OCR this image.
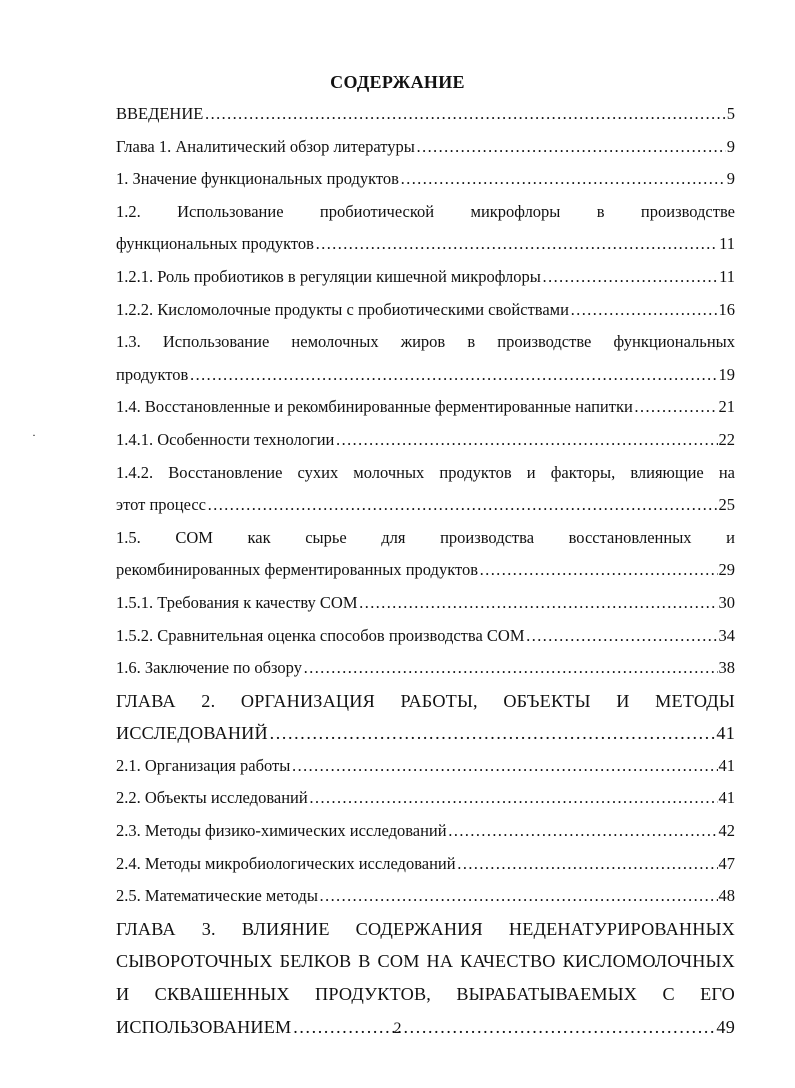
СОДЕРЖАНИЕ
·
ВВЕДЕНИЕ ……………………………………………………………………………………………………………………………………………………………………………………	5
Глава 1. Аналитический обзор литературы ……………………………………………………………………………………………………………………………………………………………………………………	9
1. Значение функциональных продуктов ……………………………………………………………………………………………………………………………………………………………………………………	9
1.2. Использование пробиотической микрофлоры в производстве
функциональных продуктов ……………………………………………………………………………………………………………………………………………………………………………………	11
1.2.1. Роль пробиотиков в регуляции кишечной микрофлоры ……………………………………………………………………………………………………………………………………………………………………………………	11
1.2.2. Кисломолочные продукты с пробиотическими свойствами ……………………………………………………………………………………………………………………………………………………………………………………	16
1.3. Использование немолочных жиров в производстве функциональных
продуктов ……………………………………………………………………………………………………………………………………………………………………………………	19
1.4. Восстановленные и рекомбинированные ферментированные напитки ……………………………………………………………………………………………………………………………………………………………………………………	21
1.4.1. Особенности технологии ……………………………………………………………………………………………………………………………………………………………………………………	22
1.4.2. Восстановление сухих молочных продуктов и факторы, влияющие на
этот процесс ……………………………………………………………………………………………………………………………………………………………………………………	25
1.5. СОМ как сырье для производства восстановленных и
рекомбинированных ферментированных продуктов ……………………………………………………………………………………………………………………………………………………………………………………	29
1.5.1. Требования к качеству СОМ ……………………………………………………………………………………………………………………………………………………………………………………	30
1.5.2. Сравнительная оценка способов производства СОМ ……………………………………………………………………………………………………………………………………………………………………………………	34
1.6. Заключение по обзору ……………………………………………………………………………………………………………………………………………………………………………………	38
ГЛАВА 2. ОРГАНИЗАЦИЯ РАБОТЫ, ОБЪЕКТЫ И МЕТОДЫ
ИССЛЕДОВАНИЙ ……………………………………………………………………………………………………………………………………………………………………………………	41
2.1. Организация работы ……………………………………………………………………………………………………………………………………………………………………………………	41
2.2. Объекты исследований ……………………………………………………………………………………………………………………………………………………………………………………	41
2.3. Методы физико-химических исследований ……………………………………………………………………………………………………………………………………………………………………………………	42
2.4. Методы микробиологических исследований ……………………………………………………………………………………………………………………………………………………………………………………	47
2.5. Математические методы ……………………………………………………………………………………………………………………………………………………………………………………	48
ГЛАВА 3. ВЛИЯНИЕ СОДЕРЖАНИЯ НЕДЕНАТУРИРОВАННЫХ
СЫВОРОТОЧНЫХ БЕЛКОВ В СОМ НА КАЧЕСТВО КИСЛОМОЛОЧНЫХ
И СКВАШЕННЫХ ПРОДУКТОВ, ВЫРАБАТЫВАЕМЫХ С ЕГО
ИСПОЛЬЗОВАНИЕМ ……………………………………………………………………………………………………………………………………………………………………………………	49
2
